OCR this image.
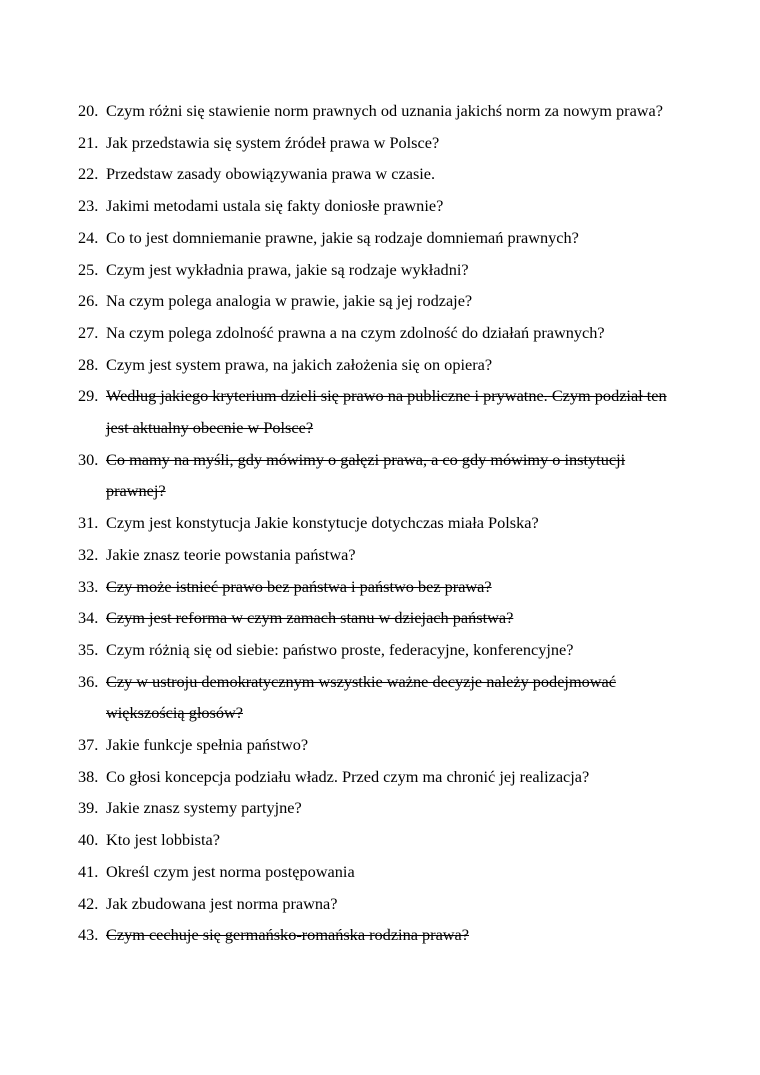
20. Czym różni się stawienie norm prawnych od uznania jakichś norm za nowym prawa?
21. Jak przedstawia się system źródeł prawa w Polsce?
22. Przedstaw zasady obowiązywania prawa w czasie.
23. Jakimi metodami ustala się fakty doniosłe prawnie?
24. Co to jest domniemanie prawne, jakie są rodzaje domniemań prawnych?
25. Czym jest wykładnia prawa, jakie są rodzaje wykładni?
26. Na czym polega analogia w prawie, jakie są jej rodzaje?
27. Na czym polega zdolność prawna a na czym zdolność do działań prawnych?
28. Czym jest system prawa, na jakich założenia się on opiera?
29. Według jakiego kryterium dzieli się prawo na publiczne i prywatne. Czym podział ten jest aktualny obecnie w Polsce?
30. Co mamy na myśli, gdy mówimy o gałęzi prawa, a co gdy mówimy o instytucji prawnej?
31. Czym jest konstytucja Jakie konstytucje dotychczas miała Polska?
32. Jakie znasz teorie powstania państwa?
33. Czy może istnieć prawo bez państwa i państwo bez prawa?
34. Czym jest reforma w czym zamach stanu w dziejach państwa?
35. Czym różnią się od siebie: państwo proste, federacyjne, konferencyjne?
36. Czy w ustroju demokratycznym wszystkie ważne decyzje należy podejmować większością głosów?
37. Jakie funkcje spełnia państwo?
38. Co głosi koncepcja podziału władz. Przed czym ma chronić jej realizacja?
39. Jakie znasz systemy partyjne?
40. Kto jest lobbista?
41. Określ czym jest norma postępowania
42. Jak zbudowana jest norma prawna?
43. Czym cechuje się germańsko-romańska rodzina prawa?
